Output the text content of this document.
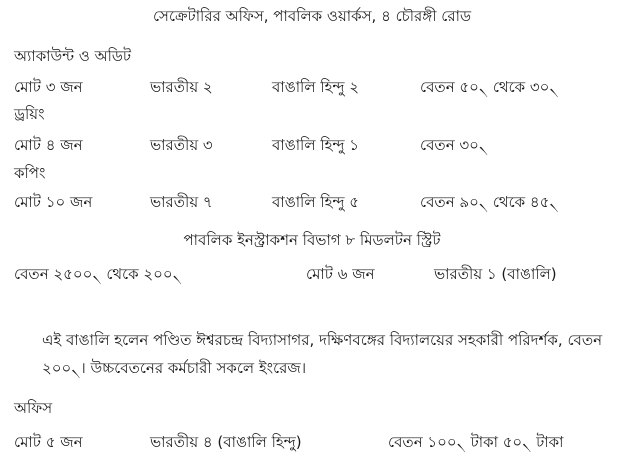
সেক্রেটারির অফিস, পাবলিক ওয়ার্কস, ৪ চৌরঙ্গী রোড
অ্যাকাউন্ট ও অডিট
মোট ৩ জন	ভারতীয় ২	বাঙালি হিন্দু ২	বেতন ৫০৲ থেকে ৩০৲
ড্রয়িং
মোট ৪ জন	ভারতীয় ৩	বাঙালি হিন্দু ১	বেতন ৩০৲
কপিং
মোট ১০ জন	ভারতীয় ৭	বাঙালি হিন্দু ৫	বেতন ৯০৲ থেকে ৪৫৲
পাবলিক ইনস্ট্রাকশন বিভাগ ৮ মিডলটন স্ট্রিট
বেতন ২৫০০৲ থেকে ২০০৲	মোট ৬ জন	ভারতীয় ১ (বাঙালি)
এই বাঙালি হলেন পণ্ডিত ঈশ্বরচন্দ্র বিদ্যাসাগর, দক্ষিণবঙ্গের বিদ্যালয়ের সহকারী পরিদর্শক, বেতন ২০০৲। উচ্চবেতনের কর্মচারী সকলে ইংরেজ।
অফিস
মোট ৫ জন	ভারতীয় ৪ (বাঙালি হিন্দু)	বেতন ১০০৲ টাকা ৫০৲ টাকা
